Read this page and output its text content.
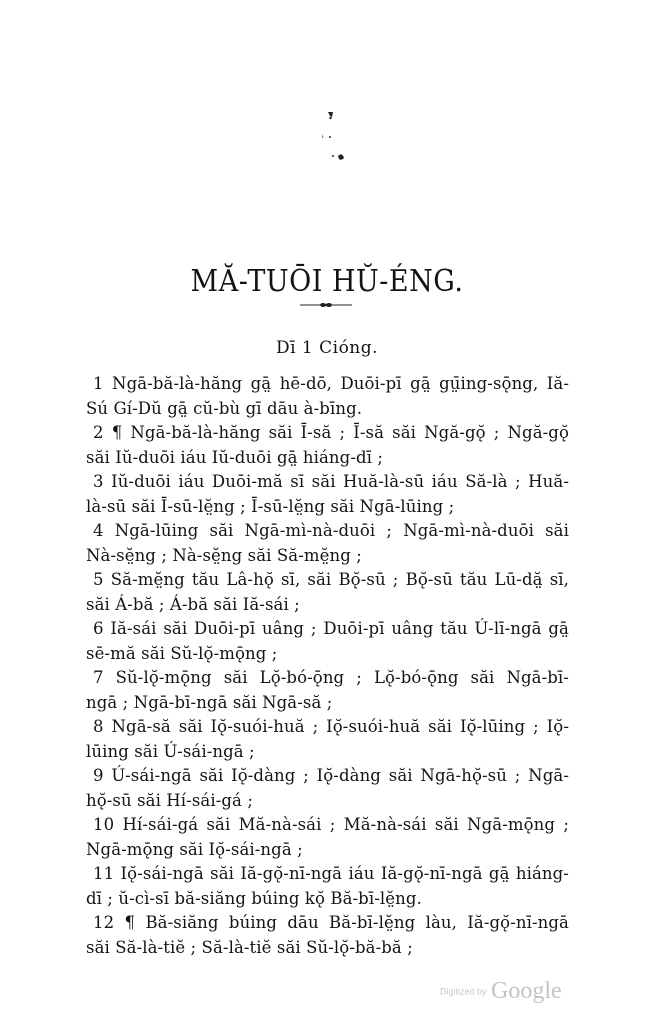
MĂ-TUŌI HŬ-ÉNG.
Dī 1 Cióng.
1 Ngā-bă-là-hăng gā̤ hē-dō, Duōi-pī gā̤ gṳ̄ing-sǭng, Iă-
Sú Gí-Dŭ gā̤ cŭ-bù gī dāu à-bīng.
2 ¶ Ngā-bă-là-hăng săi Ī-să ; Ī-să săi Ngă-gǫ̆ ; Ngă-gǫ̆
săi Iŭ-duōi iáu Iŭ-duōi gā̤ hiáng-dī ;
3 Iŭ-duōi iáu Duōi-mă sī săi Huă-là-sū iáu Să-là ; Huă-
là-sū săi Ī-sū-lĕ̤ng ; Ī-sū-lĕ̤ng săi Ngā-lūing ;
4 Ngā-lūing săi Ngā-mì-nà-duōi ; Ngā-mì-nà-duōi săi
Nà-sĕ̤ng ; Nà-sĕ̤ng săi Să-mĕ̤ng ;
5 Să-mĕ̤ng tău Lâ-hǫ̆ sī, săi Bǫ̆-sū ; Bǫ̆-sū tău Lū-dă̤ sī,
săi Á-bă ; Á-bă săi Iă-sái ;
6 Iă-sái săi Duōi-pī uâng ; Duōi-pī uâng tău Ú-lī-ngā gā̤
sē-mă săi Sŭ-lǫ̆-mǭng ;
7 Sŭ-lǫ̆-mǭng săi Lǫ̆-bó-ǭng ; Lǫ̆-bó-ǭng săi Ngā-bī-
ngā ; Ngā-bī-ngā săi Ngā-să ;
8 Ngā-să săi Iǫ̆-suói-huă ; Iǫ̆-suói-huă săi Iǫ̆-lūing ; Iǫ̆-
lūing săi Ú-sái-ngā ;
9 Ú-sái-ngā săi Iǫ̆-dàng ; Iǫ̆-dàng săi Ngā-hǫ̆-sū ; Ngā-
hǫ̆-sū săi Hí-sái-gá ;
10 Hí-sái-gá săi Mă-nà-sái ; Mă-nà-sái săi Ngā-mǭng ;
Ngā-mǭng săi Iǫ̆-sái-ngā ;
11 Iǫ̆-sái-ngā săi Iă-gǫ̆-nī-ngā iáu Iă-gǫ̆-nī-ngā gā̤ hiáng-
dī ; ŭ-cì-sī bă-siăng búing kǫ̆ Bă-bī-lĕ̤ng.
12 ¶ Bă-siăng búing dāu Bă-bī-lĕ̤ng làu, Iă-gǫ̆-nī-ngā
săi Să-là-tiĕ ; Să-là-tiĕ săi Sŭ-lǫ̆-bă-bă ;
Digitized by Google
